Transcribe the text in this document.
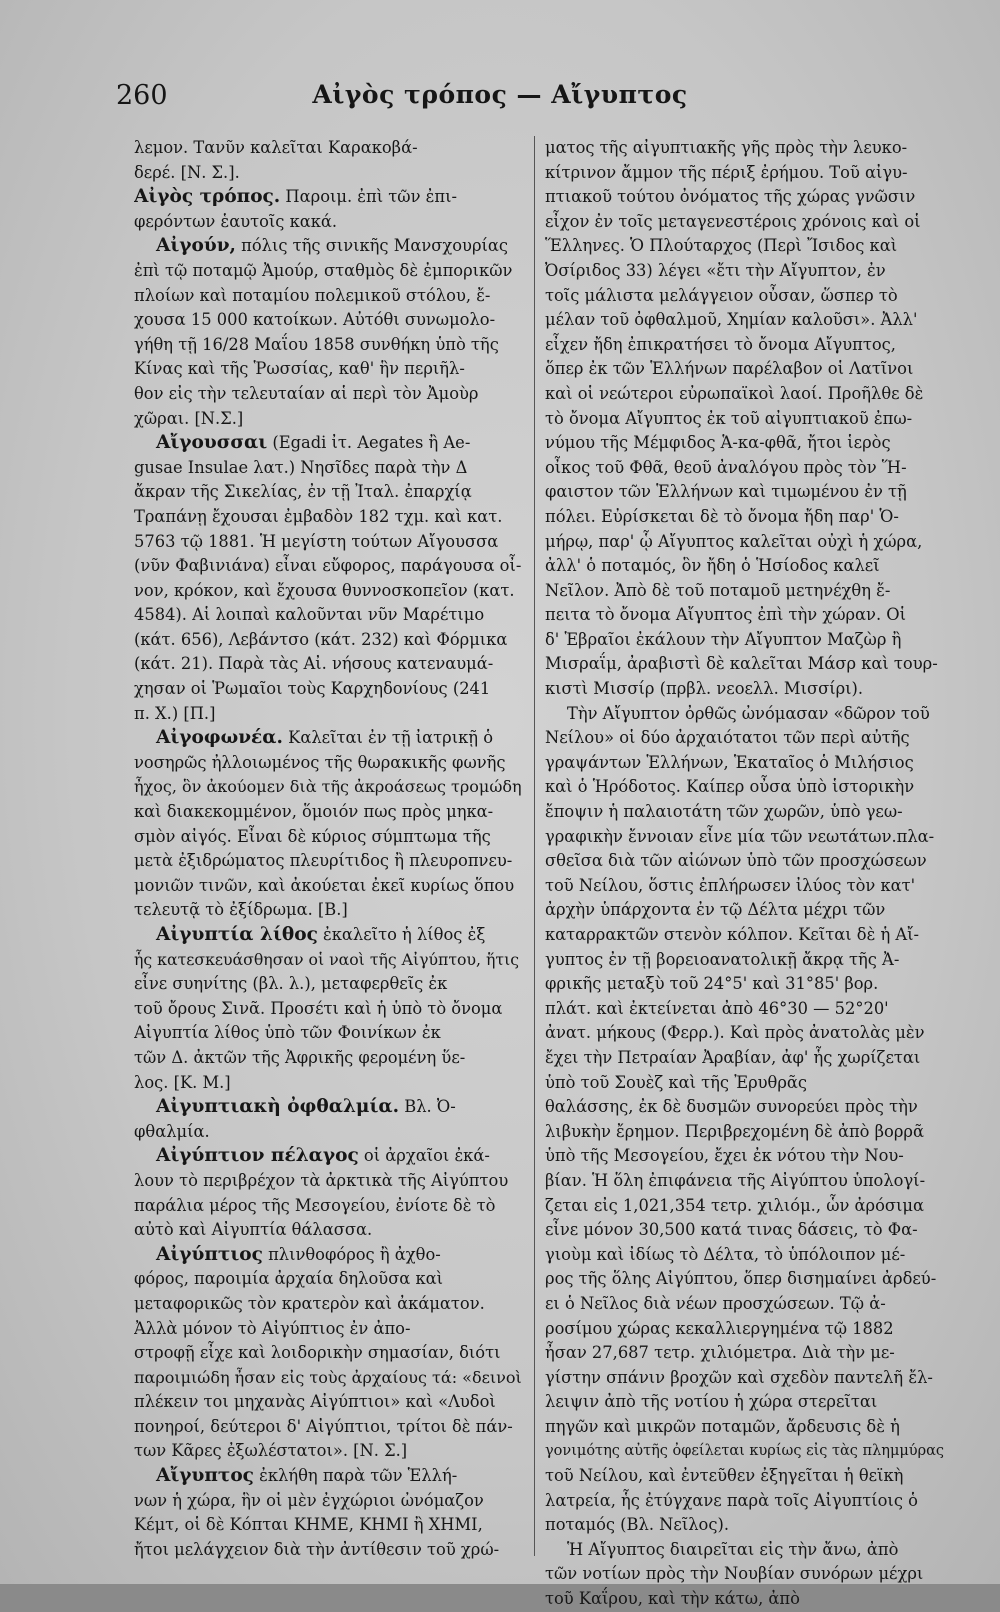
260	Αἰγὸς τρόπος — Αἴγυπτος
λεμον. Τανῦν καλεῖται Καρακοβά-
δερέ. [Ν. Σ.].
Αἰγὸς τρόπος. Παροιμ. ἐπὶ τῶν ἐπι-
φερόντων ἑαυτοῖς κακά.
Αἰγούν, πόλις τῆς σινικῆς Μανσχουρίας
ἐπὶ τῷ ποταμῷ Ἀμούρ, σταθμὸς δὲ ἐμπορικῶν
πλοίων καὶ ποταμίου πολεμικοῦ στόλου, ἔ-
χουσα 15 000 κατοίκων. Αὐτόθι συνωμολο-
γήθη τῇ 16/28 Μαΐου 1858 συνθήκη ὑπὸ τῆς
Κίνας καὶ τῆς Ῥωσσίας, καθ' ἣν περιῆλ-
θον εἰς τὴν τελευταίαν αἱ περὶ τὸν Ἀμοὺρ
χῶραι. [Ν.Σ.]
Αἴγουσσαι (Egadi ἰτ. Aegates ἢ Ae-
gusae Insulae λατ.) Νησῖδες παρὰ τὴν Δ
ἄκραν τῆς Σικελίας, ἐν τῇ Ἰταλ. ἐπαρχίᾳ
Τραπάνῃ ἔχουσαι ἐμβαδὸν 182 τχμ. καὶ κατ.
5763 τῷ 1881. Ἡ μεγίστη τούτων Αἴγουσσα
(νῦν Φαβινιάνα) εἶναι εὔφορος, παράγουσα οἶ-
νον, κρόκον, καὶ ἔχουσα θυννοσκοπεῖον (κατ.
4584). Αἱ λοιπαὶ καλοῦνται νῦν Μαρέτιμο
(κάτ. 656), Λεβάντσο (κάτ. 232) καὶ Φόρμικα
(κάτ. 21). Παρὰ τὰς Αἰ. νήσους κατεναυμά-
χησαν οἱ Ῥωμαῖοι τοὺς Καρχηδονίους (241
π. Χ.) [Π.]
Αἰγοφωνέα. Καλεῖται ἐν τῇ ἰατρικῇ ὁ
νοσηρῶς ἠλλοιωμένος τῆς θωρακικῆς φωνῆς
ἦχος, ὃν ἀκούομεν διὰ τῆς ἀκροάσεως τρομώδη
καὶ διακεκομμένον, ὅμοιόν πως πρὸς μηκα-
σμὸν αἰγός. Εἶναι δὲ κύριος σύμπτωμα τῆς
μετὰ ἐξιδρώματος πλευρίτιδος ἢ πλευροπνευ-
μονιῶν τινῶν, καὶ ἀκούεται ἐκεῖ κυρίως ὅπου
τελευτᾷ τὸ ἐξίδρωμα. [Β.]
Αἰγυπτία λίθος ἐκαλεῖτο ἡ λίθος ἐξ
ἧς κατεσκευάσθησαν οἱ ναοὶ τῆς Αἰγύπτου, ἥτις
εἶνε συηνίτης (βλ. λ.), μεταφερθεῖς ἐκ
τοῦ ὄρους Σινᾶ. Προσέτι καὶ ἡ ὑπὸ τὸ ὄνομα
Αἰγυπτία λίθος ὑπὸ τῶν Φοινίκων ἐκ
τῶν Δ. ἀκτῶν τῆς Ἀφρικῆς φερομένη ὕε-
λος. [Κ. Μ.]
Αἰγυπτιακὴ ὀφθαλμία. Βλ. Ὀ-
φθαλμία.
Αἰγύπτιον πέλαγος οἱ ἀρχαῖοι ἐκά-
λουν τὸ περιβρέχον τὰ ἀρκτικὰ τῆς Αἰγύπτου
παράλια μέρος τῆς Μεσογείου, ἐνίοτε δὲ τὸ
αὐτὸ καὶ Αἰγυπτία θάλασσα.
Αἰγύπτιος πλινθοφόρος ἢ ἀχθο-
φόρος, παροιμία ἀρχαία δηλοῦσα καὶ
μεταφορικῶς τὸν κρατερὸν καὶ ἀκάματον.
Ἀλλὰ μόνον τὸ Αἰγύπτιος ἐν ἀπο-
στροφῇ εἶχε καὶ λοιδορικὴν σημασίαν, διότι
παροιμιώδη ἦσαν εἰς τοὺς ἀρχαίους τά: «δεινοὶ
πλέκειν τοι μηχανὰς Αἰγύπτιοι» καὶ «Λυδοὶ
πονηροί, δεύτεροι δ' Αἰγύπτιοι, τρίτοι δὲ πάν-
των Κᾶρες ἐξωλέστατοι». [Ν. Σ.]
Αἴγυπτος ἐκλήθη παρὰ τῶν Ἑλλή-
νων ἡ χώρα, ἣν οἱ μὲν ἐγχώριοι ὠνόμαζον
Κέμτ, οἱ δὲ Κόπται ΚΗΜΕ, ΚΗΜΙ ἢ ΧΗΜΙ,
ἤτοι μελάγχειον διὰ τὴν ἀντίθεσιν τοῦ χρώ-
ματος τῆς αἰγυπτιακῆς γῆς πρὸς τὴν λευκο-
κίτρινον ἄμμον τῆς πέριξ ἐρήμου. Τοῦ αἰγυ-
πτιακοῦ τούτου ὀνόματος τῆς χώρας γνῶσιν
εἶχον ἐν τοῖς μεταγενεστέροις χρόνοις καὶ οἱ
Ἕλληνες. Ὁ Πλούταρχος (Περὶ Ἴσιδος καὶ
Ὀσίριδος 33) λέγει «ἔτι τὴν Αἴγυπτον, ἐν
τοῖς μάλιστα μελάγγειον οὖσαν, ὥσπερ τὸ
μέλαν τοῦ ὀφθαλμοῦ, Χημίαν καλοῦσι». Ἀλλ'
εἶχεν ἤδη ἐπικρατήσει τὸ ὄνομα Αἴγυπτος,
ὅπερ ἐκ τῶν Ἑλλήνων παρέλαβον οἱ Λατῖνοι
καὶ οἱ νεώτεροι εὐρωπαϊκοὶ λαοί. Προῆλθε δὲ
τὸ ὄνομα Αἴγυπτος ἐκ τοῦ αἰγυπτιακοῦ ἐπω-
νύμου τῆς Μέμφιδος Ἁ-κα-φθᾶ, ἤτοι ἱερὸς
οἶκος τοῦ Φθᾶ, θεοῦ ἀναλόγου πρὸς τὸν Ἥ-
φαιστον τῶν Ἑλλήνων καὶ τιμωμένου ἐν τῇ
πόλει. Εὐρίσκεται δὲ τὸ ὄνομα ἤδη παρ' Ὁ-
μήρῳ, παρ' ᾧ Αἴγυπτος καλεῖται οὐχὶ ἡ χώρα,
ἀλλ' ὁ ποταμός, ὃν ἤδη ὁ Ἡσίοδος καλεῖ
Νεῖλον. Ἀπὸ δὲ τοῦ ποταμοῦ μετηνέχθη ἔ-
πειτα τὸ ὄνομα Αἴγυπτος ἐπὶ τὴν χώραν. Οἱ
δ' Ἑβραῖοι ἐκάλουν τὴν Αἴγυπτον Μαζὼρ ἢ
Μισραΐμ, ἀραβιστὶ δὲ καλεῖται Μάσρ καὶ τουρ-
κιστὶ Μισσίρ (πρβλ. νεοελλ. Μισσίρι).
Τὴν Αἴγυπτον ὀρθῶς ὠνόμασαν «δῶρον τοῦ
Νείλου» οἱ δύο ἀρχαιότατοι τῶν περὶ αὐτῆς
γραψάντων Ἑλλήνων, Ἑκαταῖος ὁ Μιλήσιος
καὶ ὁ Ἡρόδοτος. Καίπερ οὖσα ὑπὸ ἱστορικὴν
ἔποψιν ἡ παλαιοτάτη τῶν χωρῶν, ὑπὸ γεω-
γραφικὴν ἔννοιαν εἶνε μία τῶν νεωτάτων.πλα-
σθεῖσα διὰ τῶν αἰώνων ὑπὸ τῶν προσχώσεων
τοῦ Νείλου, ὅστις ἐπλήρωσεν ἰλύος τὸν κατ'
ἀρχὴν ὑπάρχοντα ἐν τῷ Δέλτα μέχρι τῶν
καταρρακτῶν στενὸν κόλπον. Κεῖται δὲ ἡ Αἴ-
γυπτος ἐν τῇ βορειοανατολικῇ ἄκρᾳ τῆς Ἀ-
φρικῆς μεταξὺ τοῦ 24°5' καὶ 31°85' βορ.
πλάτ. καὶ ἐκτείνεται ἀπὸ 46°30 — 52°20'
ἀνατ. μήκους (Φερρ.). Καὶ πρὸς ἀνατολὰς μὲν
ἔχει τὴν Πετραίαν Ἀραβίαν, ἀφ' ἧς χωρίζεται
ὑπὸ τοῦ Σουὲζ καὶ τῆς Ἐρυθρᾶς
θαλάσσης, ἐκ δὲ δυσμῶν συνορεύει πρὸς τὴν
λιβυκὴν ἔρημον. Περιβρεχομένη δὲ ἀπὸ βορρᾶ
ὑπὸ τῆς Μεσογείου, ἔχει ἐκ νότου τὴν Νου-
βίαν. Ἡ ὅλη ἐπιφάνεια τῆς Αἰγύπτου ὑπολογί-
ζεται εἰς 1,021,354 τετρ. χιλιόμ., ὧν ἀρόσιμα
εἶνε μόνον 30,500 κατά τινας δάσεις, τὸ Φα-
γιοὺμ καὶ ἰδίως τὸ Δέλτα, τὸ ὑπόλοιπον μέ-
ρος τῆς ὅλης Αἰγύπτου, ὅπερ δισημαίνει ἀρδεύ-
ει ὁ Νεῖλος διὰ νέων προσχώσεων. Τῷ ἀ-
ροσίμου χώρας κεκαλλιεργημένα τῷ 1882
ἦσαν 27,687 τετρ. χιλιόμετρα. Διὰ τὴν με-
γίστην σπάνιν βροχῶν καὶ σχεδὸν παντελῆ ἔλ-
λειψιν ἀπὸ τῆς νοτίου ἡ χώρα στερεῖται
πηγῶν καὶ μικρῶν ποταμῶν, ἄρδευσις δὲ ἡ
γονιμότης αὐτῆς ὀφείλεται κυρίως εἰς τὰς πλημμύρας
τοῦ Νείλου, καὶ ἐντεῦθεν ἐξηγεῖται ἡ θεϊκὴ
λατρεία, ἧς ἐτύγχανε παρὰ τοῖς Αἰγυπτίοις ὁ
ποταμός (Βλ. Νεῖλος).
Ἡ Αἴγυπτος διαιρεῖται εἰς τὴν ἄνω, ἀπὸ
τῶν νοτίων πρὸς τὴν Νουβίαν συνόρων μέχρι
τοῦ Καΐρου, καὶ τὴν κάτω, ἀπὸ
